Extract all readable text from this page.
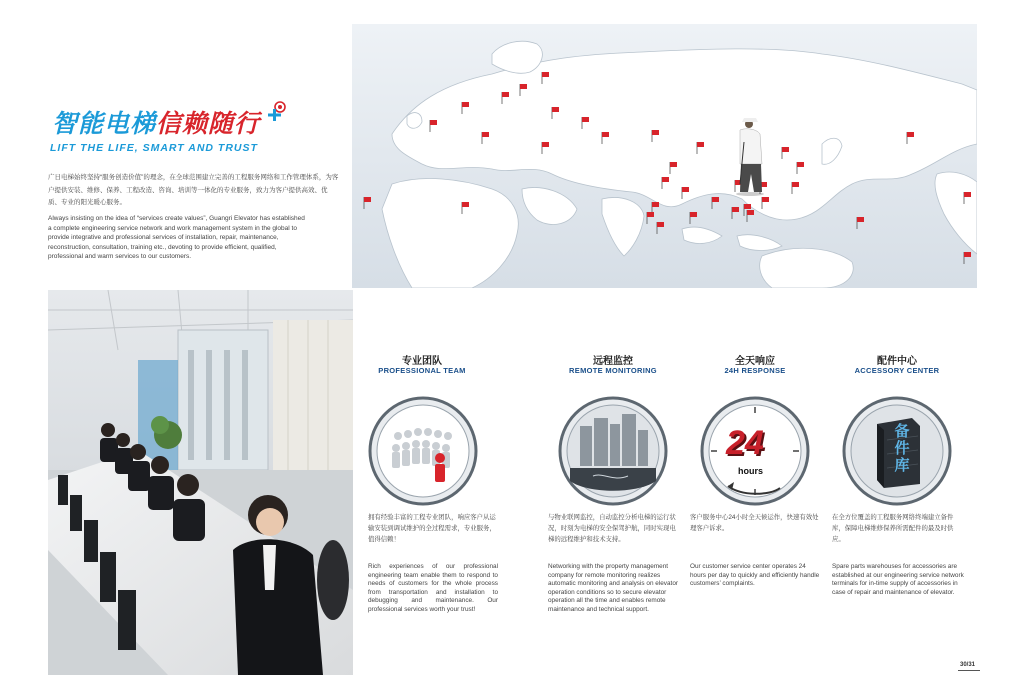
智能电梯信赖随行
LIFT THE LIFE, SMART AND TRUST
广日电梯始终坚持“服务创造价值”的理念，在全球范围建立完善的工程服务网络和工作管理体系，为客户提供安装、维修、保养、工程改造、咨询、培训等一体化的专业服务，致力为客户提供高效、优质、专业的阳光暖心服务。
Always insisting on the idea of “services create values”, Guangri Elevator has established a complete engineering service network and work management system in the global to provide integrative and professional services of installation, repair, maintenance, reconstruction, consultation, training etc., devoting to provide efficient, qualified, professional and warm services to our customers.
专业团队
PROFESSIONAL TEAM
拥有经验丰富的工程专业团队，响应客户从运输安装到调试维护的全过程需求，专业服务，值得信赖！
Rich experiences of our professional engineering team enable them to respond to needs of customers for the whole process from transportation and installation to debugging and maintenance. Our professional services worth your trust!
远程监控
REMOTE MONITORING
与物业联网监控，自动监控分析电梯的运行状况，时刻为电梯的安全保驾护航，同时实现电梯的远程维护和技术支持。
Networking with the property management company for remote monitoring realizes automatic monitoring and analysis on elevator operation conditions so to secure elevator operation all the time and enables remote maintenance and technical support.
全天响应
24H RESPONSE
24
hours
客户服务中心24小时全天候运作，快速有效处理客户诉求。
Our customer service center operates 24 hours per day to quickly and efficiently handle customers’ complaints.
配件中心
ACCESSORY CENTER
备件库
在全方位覆盖的工程服务网络终端建立备件库，保障电梯维修保养所需配件的最及时供应。
Spare parts warehouses for accessories are established at our engineering service network terminals for in-time supply of accessories in case of repair and maintenance of elevator.
30/31
